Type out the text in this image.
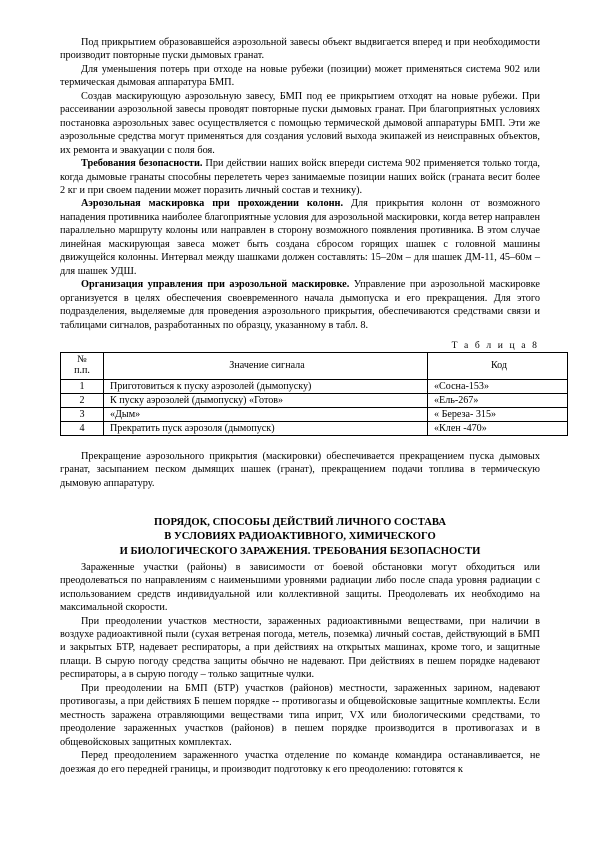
Под прикрытием образовавшейся аэрозольной завесы объект выдвигается вперед и при необходимости производит повторные пуски дымовых гранат.

Для уменьшения потерь при отходе на новые рубежи (позиции) может применяться система 902 или термическая дымовая аппаратура БМП.

Создав маскирующую аэрозольную завесу, БМП под ее прикрытием отходят на новые рубежи. При рассеивании аэрозольной завесы проводят повторные пуски дымовых гранат. При благоприятных условиях постановка аэрозольных завес осуществляется с помощью термической дымовой аппаратуры БМП. Эти же аэрозольные средства могут применяться для создания условий выхода экипажей из неисправных объектов, их ремонта и эвакуации с поля боя.

Требования безопасности. При действии наших войск впереди система 902 применяется только тогда, когда дымовые гранаты способны перелететь через занимаемые позиции наших войск (граната весит более 2 кг и при своем падении может поразить личный состав и технику).

Аэрозольная маскировка при прохождении колонн. Для прикрытия колонн от возможного нападения противника наиболее благоприятные условия для аэрозольной маскировки, когда ветер направлен параллельно маршруту колоны или направлен в сторону возможного появления противника. В этом случае линейная маскирующая завеса может быть создана сбросом горящих шашек с головной машины движущейся колонны. Интервал между шашками должен составлять: 15–20м – для шашек ДМ-11, 45–60м – для шашек УДШ.

Организация управления при аэрозольной маскировке. Управление при аэрозольной маскировке организуется в целях обеспечения своевременного начала дымопуска и его прекращения. Для этого подразделения, выделяемые для проведения аэрозольного прикрытия, обеспечиваются средствами связи и таблицами сигналов, разработанных по образцу, указанному в табл. 8.

Т а б л и ц а 8
№
п.п.	Значение сигнала	Код
1	Приготовиться к пуску аэрозолей (дымопуску)	«Сосна-153»
2	К пуску аэрозолей (дымопуску) «Готов»	«Ель-267»
3	«Дым»	« Береза- 315»
4	Прекратить пуск аэрозоля (дымопуск)	«Клен -470»

Прекращение аэрозольного прикрытия (маскировки) обеспечивается прекращением пуска дымовых гранат, засыпанием песком дымящих шашек (гранат), прекращением подачи топлива в термическую дымовую аппаратуру.

ПОРЯДОК, СПОСОБЫ ДЕЙСТВИЙ ЛИЧНОГО СОСТАВА
В УСЛОВИЯХ РАДИОАКТИВНОГО, ХИМИЧЕСКОГО
И БИОЛОГИЧЕСКОГО ЗАРАЖЕНИЯ. ТРЕБОВАНИЯ БЕЗОПАСНОСТИ

Зараженные участки (районы) в зависимости от боевой обстановки могут обходиться или преодолеваться по направлениям с наименьшими уровнями радиации либо после спада уровня радиации с использованием средств индивидуальной или коллективной защиты. Преодолевать их необходимо на максимальной скорости.

При преодолении участков местности, зараженных радиоактивными веществами, при наличии в воздухе радиоактивной пыли (сухая ветреная погода, метель, поземка) личный состав, действующий в БМП и закрытых БТР, надевает респираторы, а при действиях на открытых машинах, кроме того, и защитные плащи. В сырую погоду средства защиты обычно не надевают. При действиях в пешем порядке надевают респираторы, а в сырую погоду – только защитные чулки.

При преодолении на БМП (БТР) участков (районов) местности, зараженных зарином, надевают противогазы, а при действиях Б пешем порядке -- противогазы и общевойсковые защитные комплекты. Если местность заражена отравляющими веществами типа иприт, VX или биологическими средствами, то преодоление зараженных участков (районов) в пешем порядке производится в противогазах и в общевойсковых защитных комплектах.

Перед преодолением зараженного участка отделение по команде командира останавливается, не доезжая до его передней границы, и производит подготовку к его преодолению: готовятся к
